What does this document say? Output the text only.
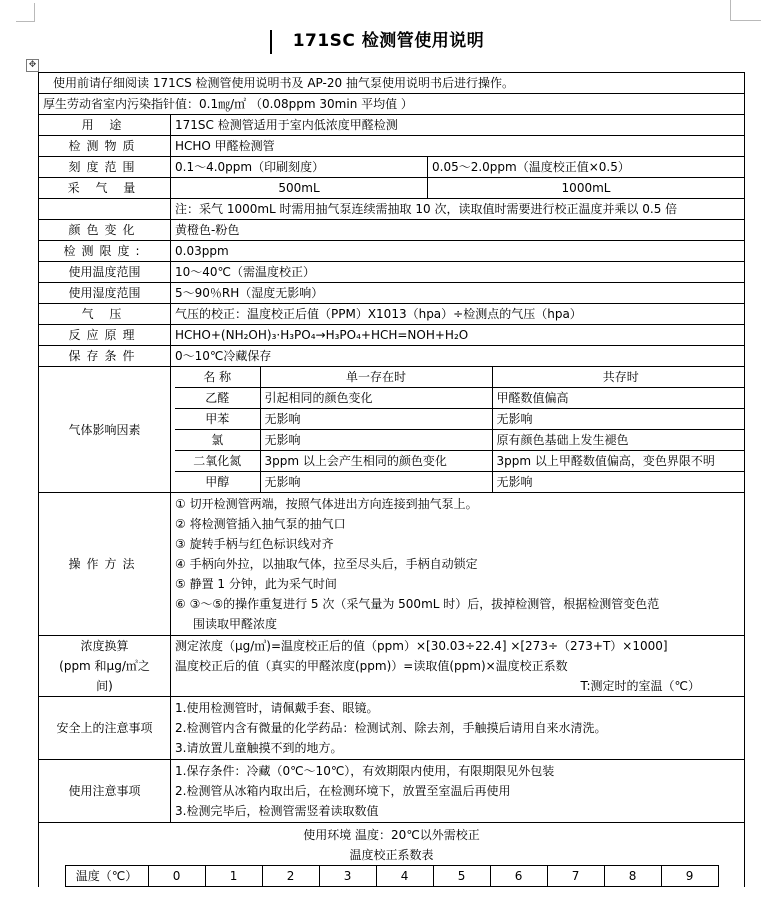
171SC 检测管使用说明
✥
使用前请仔细阅读 171CS 检测管使用说明书及 AP-20 抽气泵使用说明书后进行操作。
厚生劳动省室内污染指针值：0.1㎎/㎡ （0.08ppm 30min 平均值 ）
用 途	171SC 检测管适用于室内低浓度甲醛检测
检测物质	HCHO 甲醛检测管
刻度范围	0.1～4.0ppm（印刷刻度）	0.05～2.0ppm（温度校正值×0.5）
采 气 量	500mL	1000mL
	注：采气 1000mL 时需用抽气泵连续需抽取 10 次，读取值时需要进行校正温度并乘以 0.5 倍
颜色变化	黄橙色-粉色
检测限度:	0.03ppm
使用温度范围	10～40℃（需温度校正）
使用湿度范围	5～90％RH（湿度无影响）
气 压	气压的校正：温度校正后值（PPM）X1013（hpa）÷检测点的气压（hpa）
反应原理	HCHO+(NH₂OH)₃·H₃PO₄→H₃PO₄+HCH=NOH+H₂O
保存条件	0～10℃冷藏保存
气体影响因素	
名 称	单一存在时	共存时
乙醛	引起相同的颜色变化	甲醛数值偏高
甲苯	无影响	无影响
氯	无影响	原有颜色基础上发生褪色
二氧化氮	3ppm 以上会产生相同的颜色变化	3ppm 以上甲醛数值偏高，变色界限不明
甲醇	无影响	无影响

操作方法	
① 切开检测管两端，按照气体进出方向连接到抽气泵上。
② 将检测管插入抽气泵的抽气口
③ 旋转手柄与红色标识线对齐
④ 手柄向外拉，以抽取气体，拉至尽头后，手柄自动锁定
⑤ 静置 1 分钟，此为采气时间
⑥ ③～⑤的操作重复进行 5 次（采气量为 500mL 时）后，拔掉检测管，根据检测管变色范
围读取甲醛浓度

浓度换算
(ppm 和μg/㎥之
间)

测定浓度（μg/㎥)=温度校正后的值（ppm）×[30.03÷22.4] ×[273÷（273+T）×1000]
温度校正后的值（真实的甲醛浓度(ppm)）=读取值(ppm)×温度校正系数
T:测定时的室温（℃）

安全上的注意事项	
1.使用检测管时，请佩戴手套、眼镜。
2.检测管内含有微量的化学药品：检测试剂、除去剂，手触摸后请用自来水清洗。
3.请放置儿童触摸不到的地方。

使用注意事项	
1.保存条件：冷藏（0℃～10℃），有效期限内使用，有限期限见外包装
2.检测管从冰箱内取出后，在检测环境下，放置至室温后再使用
3.检测完毕后，检测管需竖着读取数值

使用环境 温度：20℃以外需校正
温度校正系数表
温度（℃）	0	1	2	3	4	5	6	7	8	9
